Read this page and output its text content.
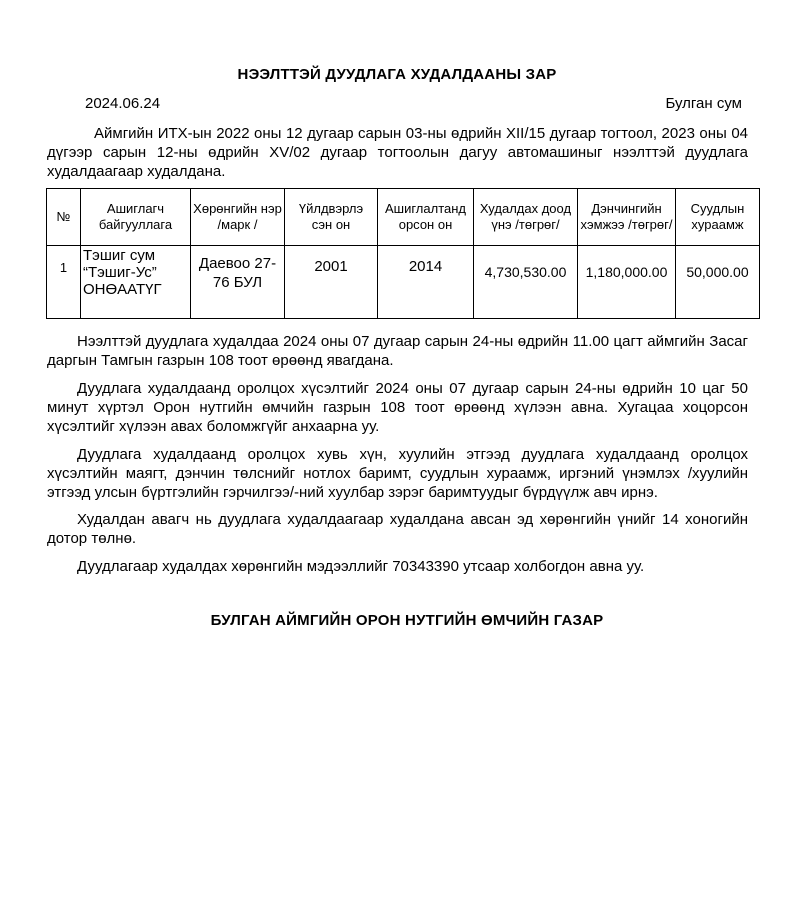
НЭЭЛТТЭЙ ДУУДЛАГА ХУДАЛДААНЫ ЗАР
2024.06.24	Булган сум
Аймгийн ИТХ-ын 2022 оны 12 дугаар сарын 03-ны өдрийн XII/15 дугаар тогтоол, 2023 оны 04 дүгээр сарын 12-ны өдрийн XV/02 дугаар тогтоолын дагуу автомашиныг нээлттэй дуудлага худалдаагаар худалдана.
№	Ашиглагч байгууллага	Хөрөнгийн нэр /марк /	Үйлдвэрлэ сэн он	Ашиглалтанд орсон он	Худалдах доод үнэ /төгрөг/	Дэнчингийн хэмжээ /төгрөг/	Суудлын хураамж

1	Тэшиг сум “Тэшиг-Ус” ОНӨААТҮГ	Даевоо 27-76 БУЛ	2001	2014	4,730,530.00	1,180,000.00	50,000.00

Нээлттэй дуудлага худалдаа 2024 оны 07 дугаар сарын 24-ны өдрийн 11.00 цагт аймгийн Засаг даргын Тамгын газрын 108 тоот өрөөнд явагдана.

Дуудлага худалдаанд оролцох хүсэлтийг 2024 оны 07 дугаар сарын 24-ны өдрийн 10 цаг 50 минут хүртэл Орон нутгийн өмчийн газрын 108 тоот өрөөнд хүлээн авна. Хугацаа хоцорсон хүсэлтийг хүлээн авах боломжгүйг анхаарна уу.

Дуудлага худалдаанд оролцох хувь хүн, хуулийн этгээд дуудлага худалдаанд оролцох хүсэлтийн маягт, дэнчин төлснийг нотлох баримт, суудлын хураамж, иргэний үнэмлэх /хуулийн этгээд улсын бүртгэлийн гэрчилгээ/-ний хуулбар зэрэг баримтуудыг бүрдүүлж авч ирнэ.

Худалдан авагч нь дуудлага худалдаагаар худалдана авсан эд хөрөнгийн үнийг 14 хоногийн дотор төлнө.

Дуудлагаар худалдах хөрөнгийн мэдээллийг 70343390 утсаар холбогдон авна уу.

БУЛГАН АЙМГИЙН ОРОН НУТГИЙН ӨМЧИЙН ГАЗАР
